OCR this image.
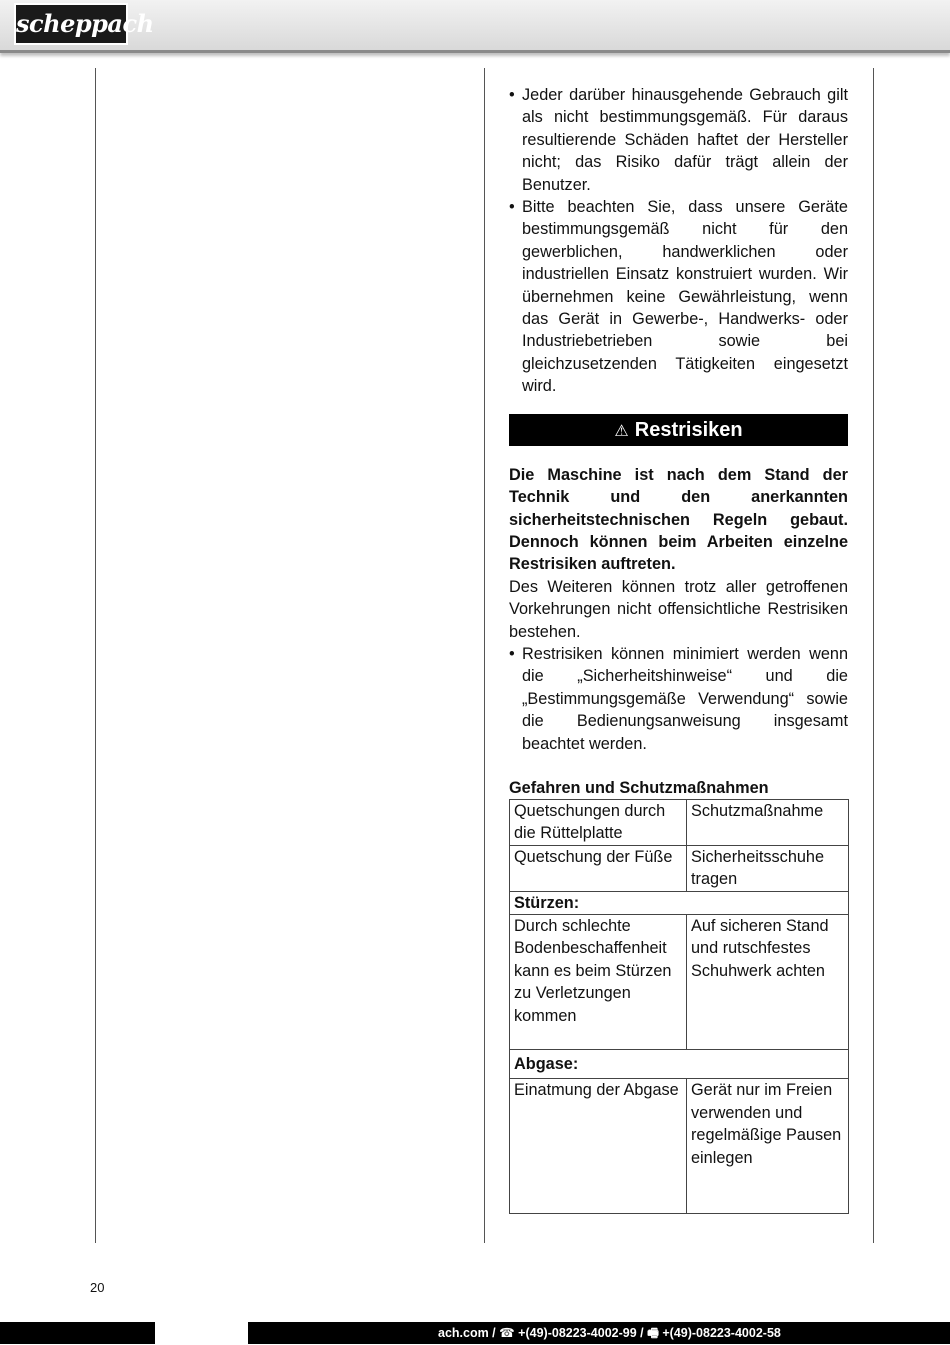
scheppach
• Jeder darüber hinausgehende Gebrauch gilt als nicht bestimmungsgemäß. Für daraus resultierende Schäden haftet der Hersteller nicht; das Risiko dafür trägt allein der Benutzer.
• Bitte beachten Sie, dass unsere Geräte bestimmungsgemäß nicht für den gewerblichen, handwerklichen oder industriellen Einsatz konstruiert wurden. Wir übernehmen keine Gewährleistung, wenn das Gerät in Gewerbe-, Handwerks- oder Industriebetrieben sowie bei gleichzusetzenden Tätigkeiten eingesetzt wird.
⚠ Restrisiken
Die Maschine ist nach dem Stand der Technik und den anerkannten sicherheitstechnischen Regeln gebaut. Dennoch können beim Arbeiten einzelne Restrisiken auftreten.
Des Weiteren können trotz aller getroffenen Vorkehrungen nicht offensichtliche Restrisiken bestehen.
• Restrisiken können minimiert werden wenn die „Sicherheitshinweise“ und die „Bestimmungsgemäße Verwendung“ sowie die Bedienungsanweisung insgesamt beachtet werden.
Gefahren und Schutzmaßnahmen
Quetschungen durch die Rüttelplatte	Schutzmaßnahme
Quetschung der Füße	Sicherheitsschuhe tragen
Stürzen:	
Durch schlechte Bodenbeschaffenheit kann es beim Stürzen zu Verletzungen kommen	Auf sicheren Stand und rutschfestes Schuhwerk achten
Abgase:	
Einatmung der Abgase	Gerät nur im Freien verwenden und regelmäßige Pausen einlegen
20
ach.com / ☎ +(49)-08223-4002-99 / 🖷 +(49)-08223-4002-58
